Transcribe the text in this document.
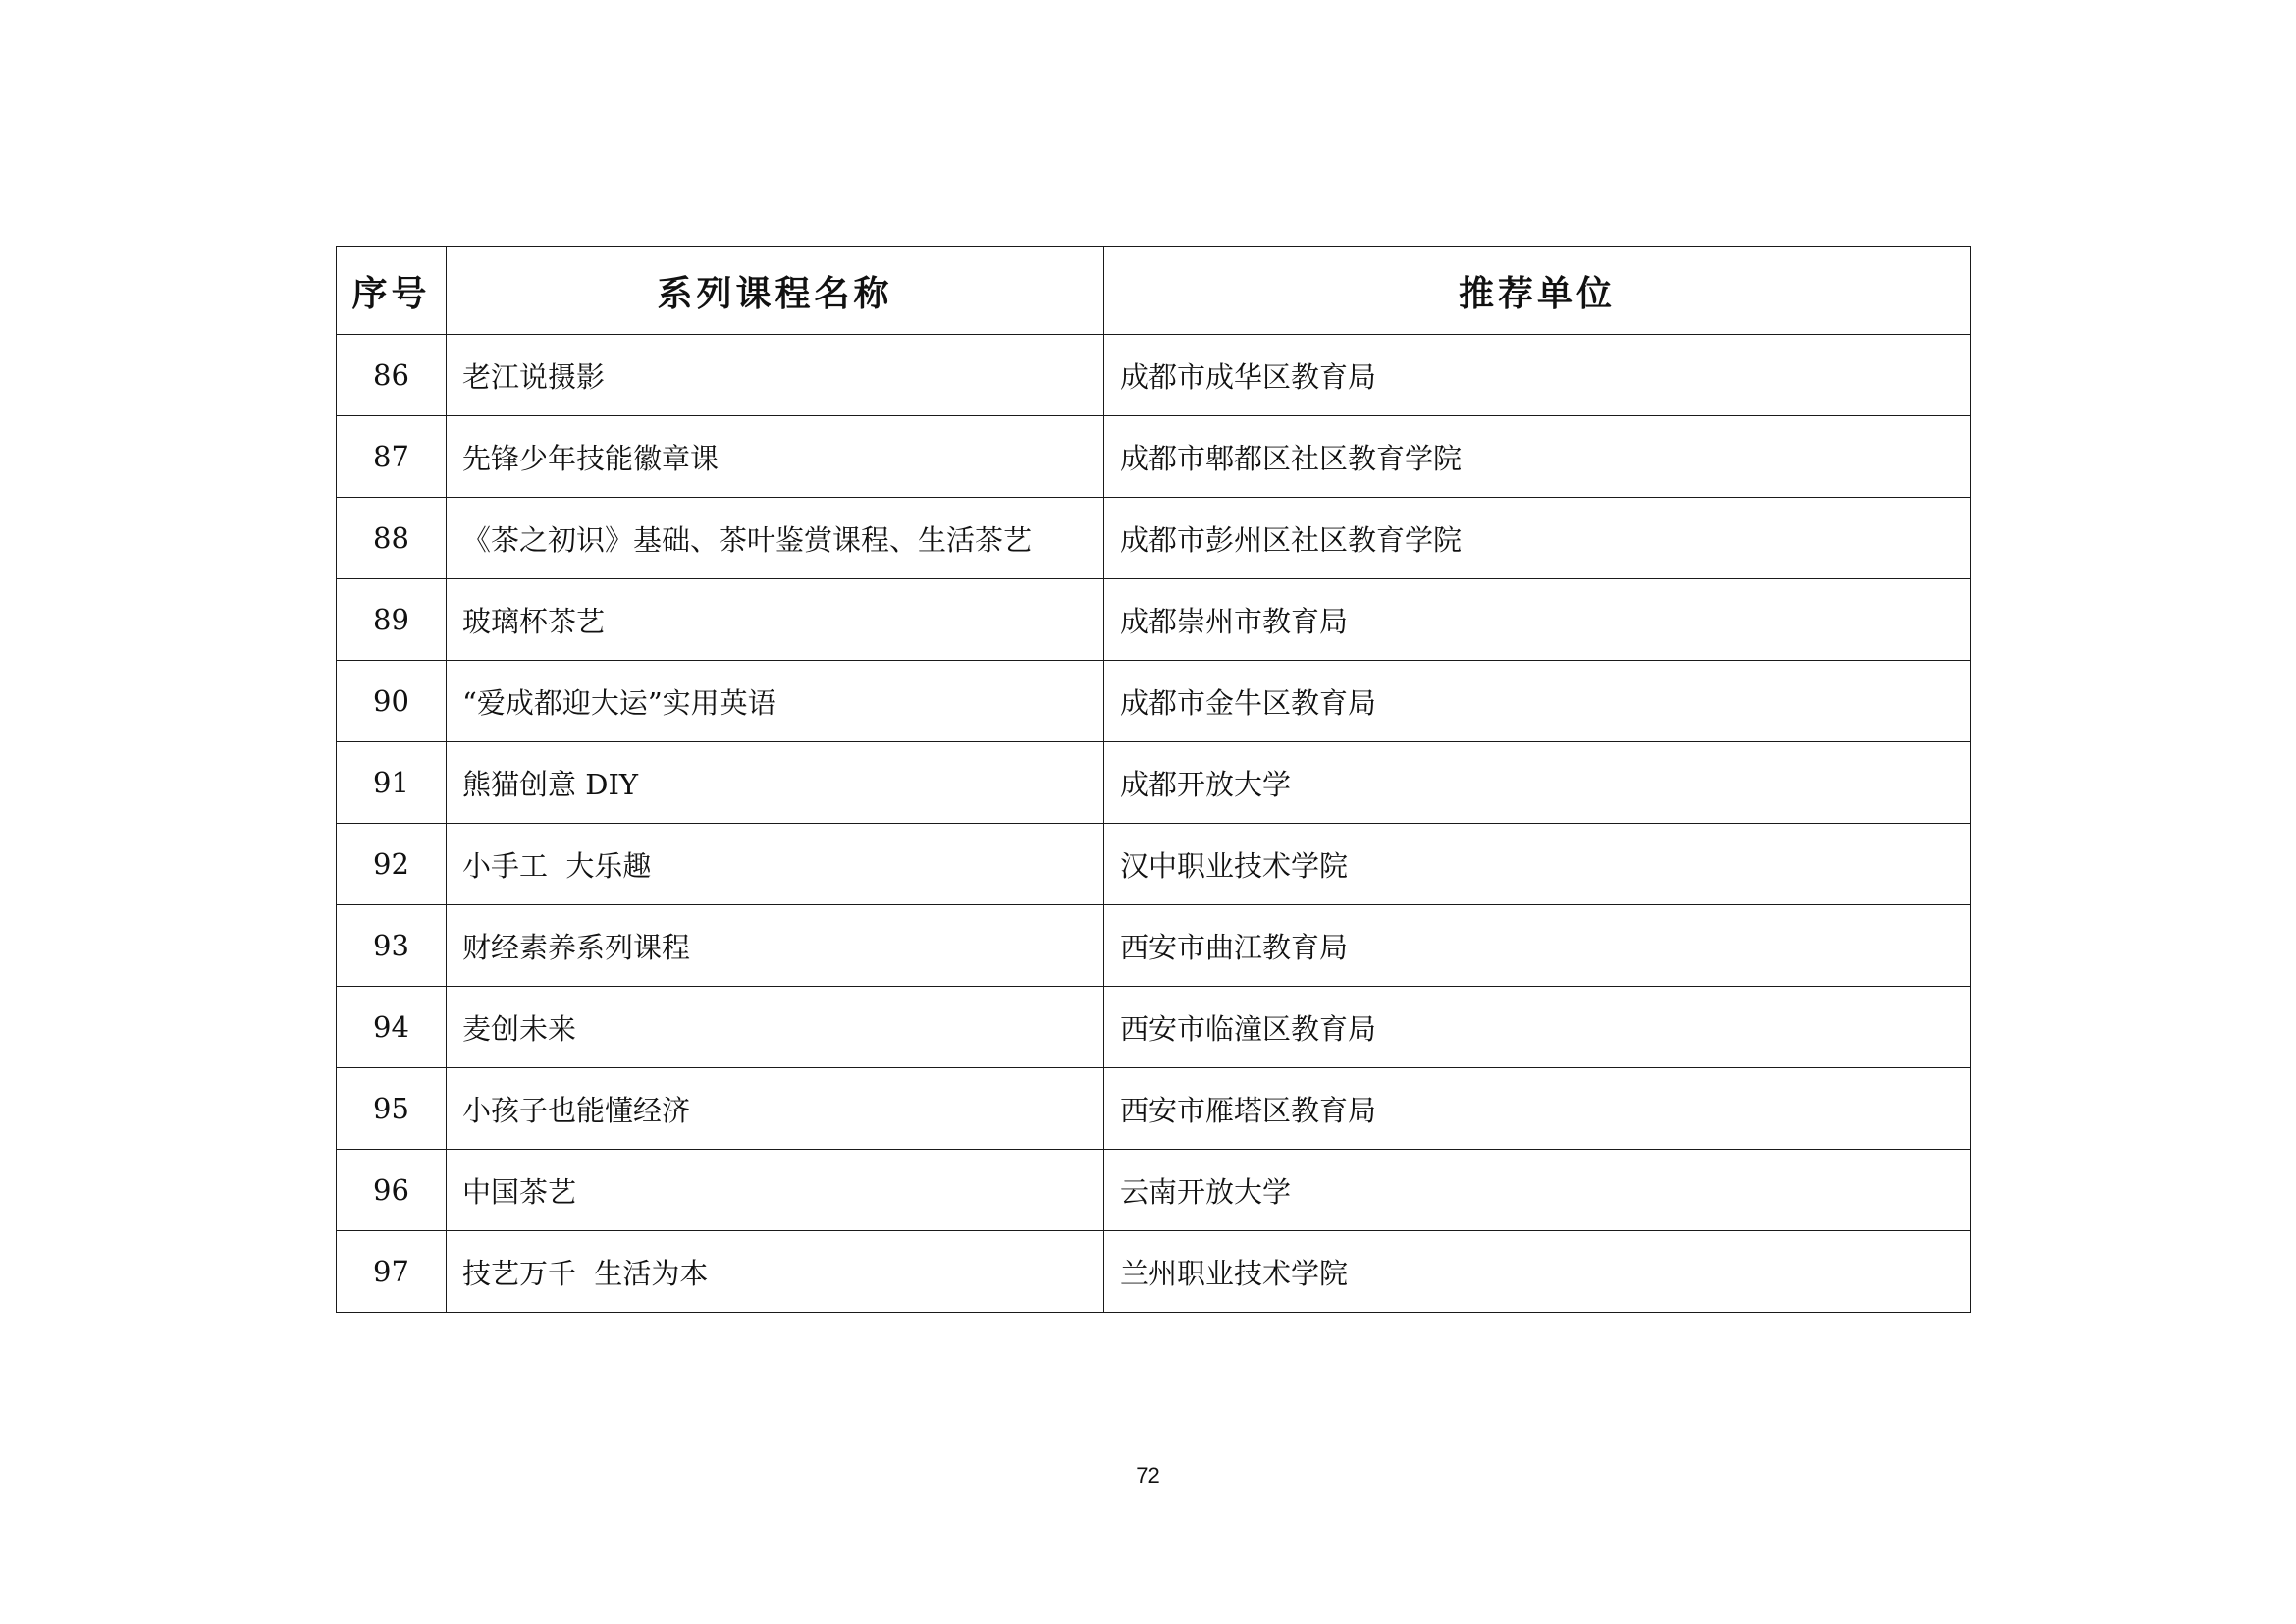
序号	系列课程名称	推荐单位
86	老江说摄影	成都市成华区教育局
87	先锋少年技能徽章课	成都市郫都区社区教育学院
88	《茶之初识》基础、茶叶鉴赏课程、生活茶艺	成都市彭州区社区教育学院
89	玻璃杯茶艺	成都崇州市教育局
90	“爱成都迎大运”实用英语	成都市金牛区教育局
91	熊猫创意 DIY	成都开放大学
92	小手工  大乐趣	汉中职业技术学院
93	财经素养系列课程	西安市曲江教育局
94	麦创未来	西安市临潼区教育局
95	小孩子也能懂经济	西安市雁塔区教育局
96	中国茶艺	云南开放大学
97	技艺万千  生活为本	兰州职业技术学院
72
